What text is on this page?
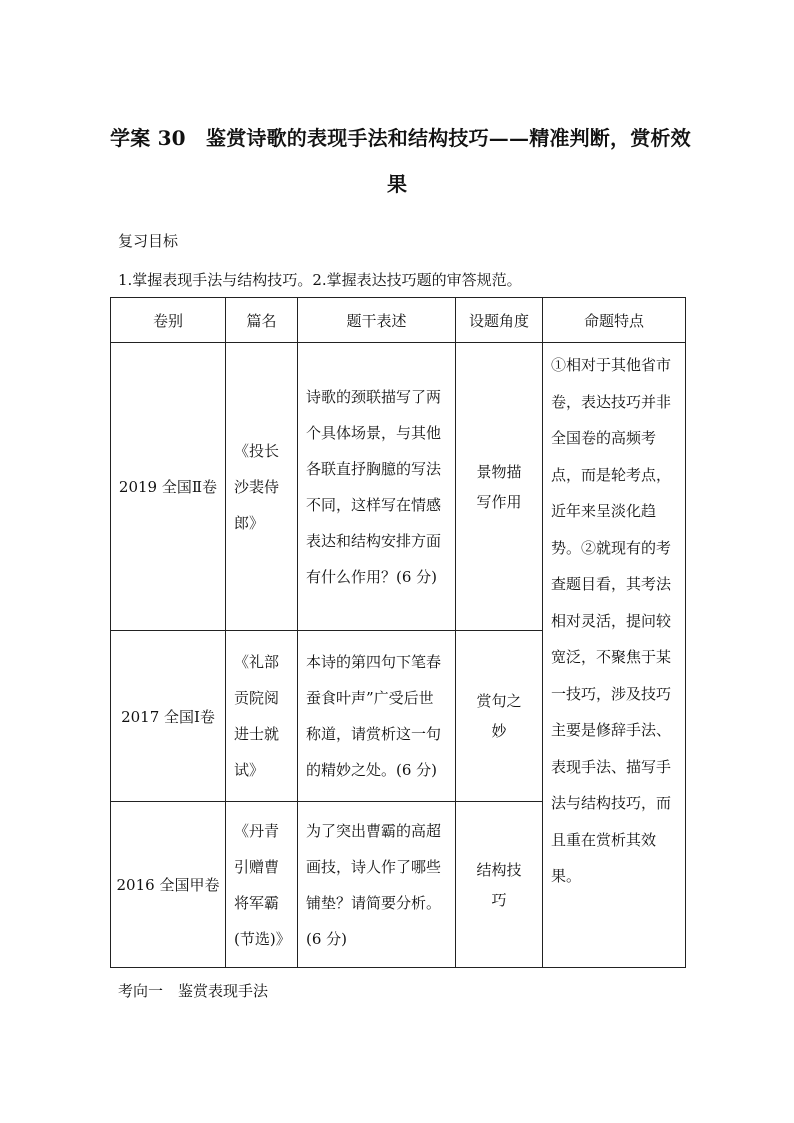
学案 30　鉴赏诗歌的表现手法和结构技巧——精准判断，赏析效
果
复习目标
1.掌握表现手法与结构技巧。2.掌握表达技巧题的审答规范。
卷别	篇名	题干表述	设题角度	命题特点
2019 全国Ⅱ卷	《投长沙裴侍郎》	诗歌的颈联描写了两个具体场景，与其他各联直抒胸臆的写法不同，这样写在情感表达和结构安排方面有什么作用？(6 分)	景物描写作用	①相对于其他省市卷，表达技巧并非全国卷的高频考点，而是轮考点，近年来呈淡化趋势。②就现有的考查题目看，其考法相对灵活，提问较宽泛，不聚焦于某一技巧，涉及技巧主要是修辞手法、表现手法、描写手法与结构技巧，而且重在赏析其效果。

2017 全国Ⅰ卷	《礼部贡院阅进士就试》	本诗的第四句下笔春蚕食叶声”广受后世称道，请赏析这一句的精妙之处。(6 分)	赏句之妙	

2016 全国甲卷	《丹青引赠曹将军霸(节选)》	为了突出曹霸的高超画技，诗人作了哪些铺垫？请简要分析。(6 分)	结构技巧	
考向一　鉴赏表现手法
